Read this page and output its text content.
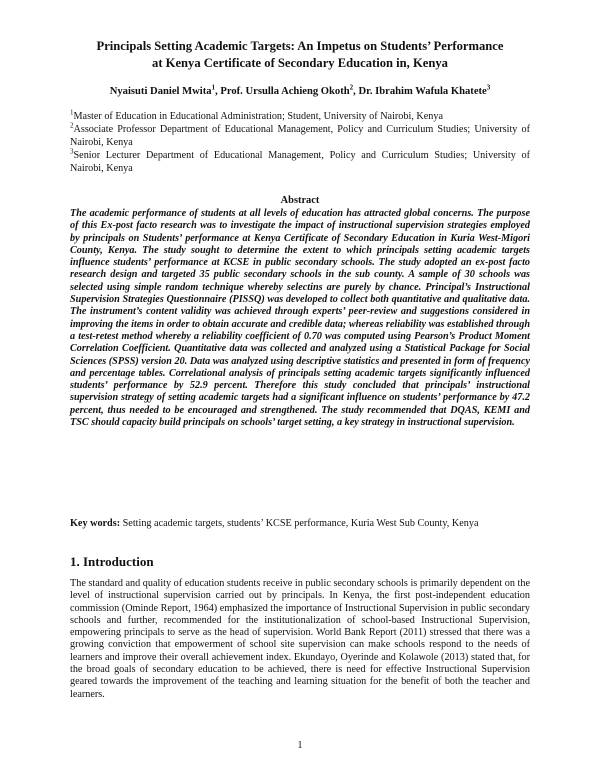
Principals Setting Academic Targets: An Impetus on Students’ Performance
at Kenya Certificate of Secondary Education in, Kenya
Nyaisuti Daniel Mwita$^1$, Prof. Ursulla Achieng Okoth$^2$, Dr. Ibrahim Wafula Khatete$^3$

$^1$Master of Education in Educational Administration; Student, University of Nairobi, Kenya

$^2$Associate Professor Department of Educational Management, Policy and Curriculum Studies; University of Nairobi, Kenya

$^3$Senior Lecturer Department of Educational Management, Policy and Curriculum Studies; University of Nairobi, Kenya

Abstract

The academic performance of students at all levels of education has attracted global concerns. The purpose of this Ex-post facto research was to investigate the impact of instructional supervision strategies employed by principals on Students’ performance at Kenya Certificate of Secondary Education in Kuria West-Migori County, Kenya. The study sought to determine the extent to which principals setting academic targets influence students’ performance at KCSE in public secondary schools. The study adopted an ex-post facto research design and targeted 35 public secondary schools in the sub county. A sample of 30 schools was selected using simple random technique whereby selectins are purely by chance. Principal’s Instructional Supervision Strategies Questionnaire (PISSQ) was developed to collect both quantitative and qualitative data. The instrument’s content validity was achieved through experts’ peer-review and suggestions considered in improving the items in order to obtain accurate and credible data; whereas reliability was established through a test-retest method whereby a reliability coefficient of 0.70 was computed using Pearson’s Product Moment Correlation Coefficient. Quantitative data was collected and analyzed using a Statistical Package for Social Sciences (SPSS) version 20. Data was analyzed using descriptive statistics and presented in form of frequency and percentage tables. Correlational analysis of principals setting academic targets significantly influenced students’ performance by 52.9 percent. Therefore this study concluded that principals’ instructional supervision strategy of setting academic targets had a significant influence on students’ performance by 47.2 percent, thus needed to be encouraged and strengthened. The study recommended that DQAS, KEMI and TSC should capacity build principals on schools’ target setting, a key strategy in instructional supervision.

Key words: Setting academic targets, students’ KCSE performance, Kuria West Sub County, Kenya

1. Introduction

The standard and quality of education students receive in public secondary schools is primarily dependent on the level of instructional supervision carried out by principals. In Kenya, the first post-independent education commission (Ominde Report, 1964) emphasized the importance of Instructional Supervision in public secondary schools and further, recommended for the institutionalization of school-based Instructional Supervision, empowering principals to serve as the head of supervision. World Bank Report (2011) stressed that there was a growing conviction that empowerment of school site supervision can make schools respond to the needs of learners and improve their overall achievement index. Ekundayo, Oyerinde and Kolawole (2013) stated that, for the broad goals of secondary education to be achieved, there is need for effective Instructional Supervision geared towards the improvement of the teaching and learning situation for the benefit of both the teacher and learners.

1
